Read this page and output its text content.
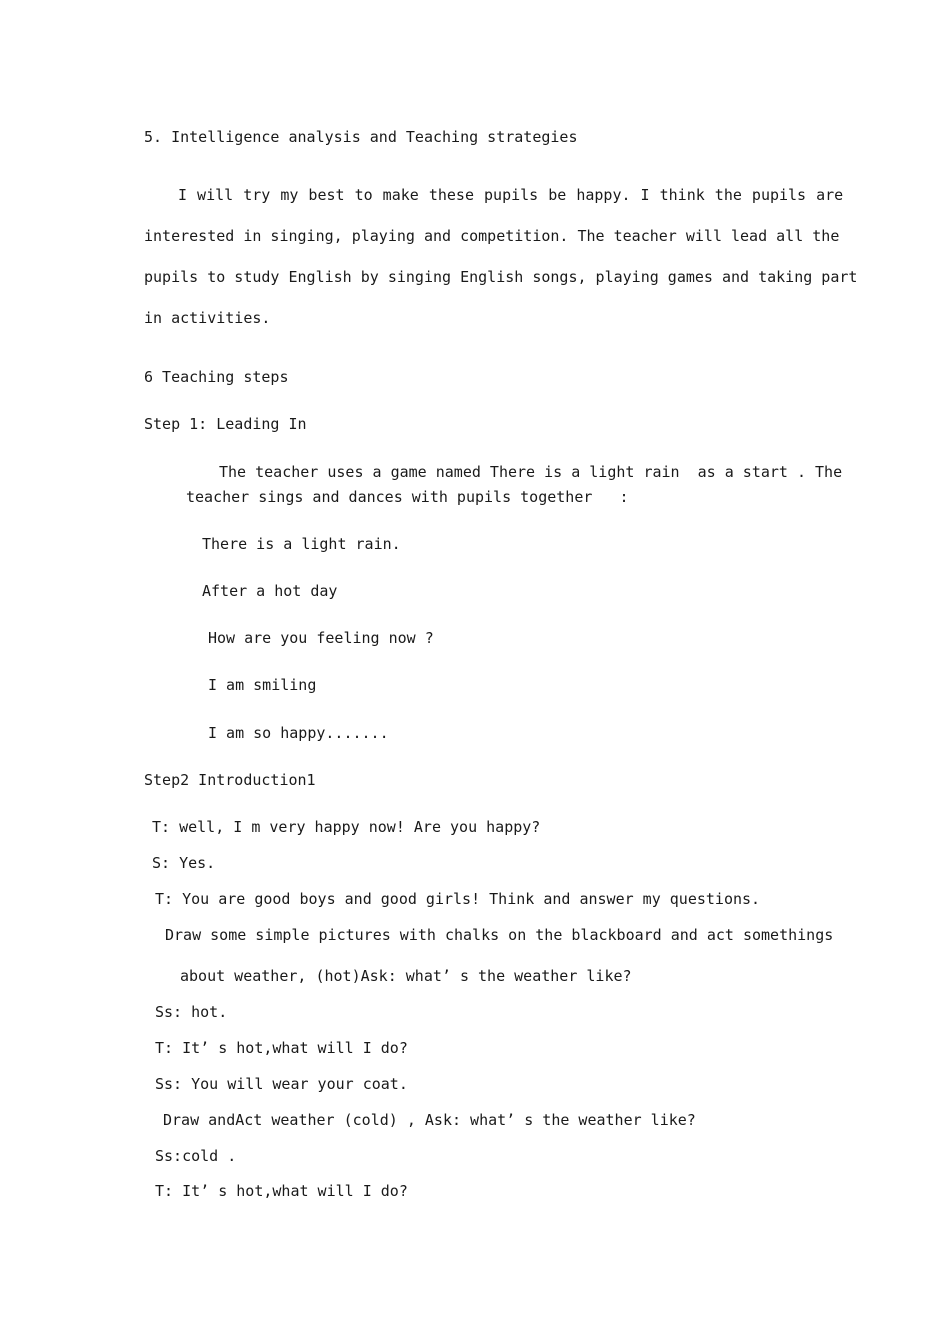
5. Intelligence analysis and Teaching strategies
I will try my best to make these pupils be happy. I think the pupils are
interested in singing, playing and competition. The teacher will lead all the
pupils to study English by singing English songs, playing games and taking part
in activities.
6 Teaching steps
Step 1: Leading In
The teacher uses a game named There is a light rain  as a start . The
teacher sings and dances with pupils together   :
There is a light rain.
After a hot day
How are you feeling now ?
I am smiling
I am so happy.......
Step2 Introduction1
T: well, I m very happy now! Are you happy?
S: Yes.
T: You are good boys and good girls! Think and answer my questions.
Draw some simple pictures with chalks on the blackboard and act somethings
about weather, (hot)Ask: what’ s the weather like?
Ss: hot.
T: It’ s hot,what will I do?
Ss: You will wear your coat.
Draw andAct weather (cold) , Ask: what’ s the weather like?
Ss:cold .
T: It’ s hot,what will I do?
